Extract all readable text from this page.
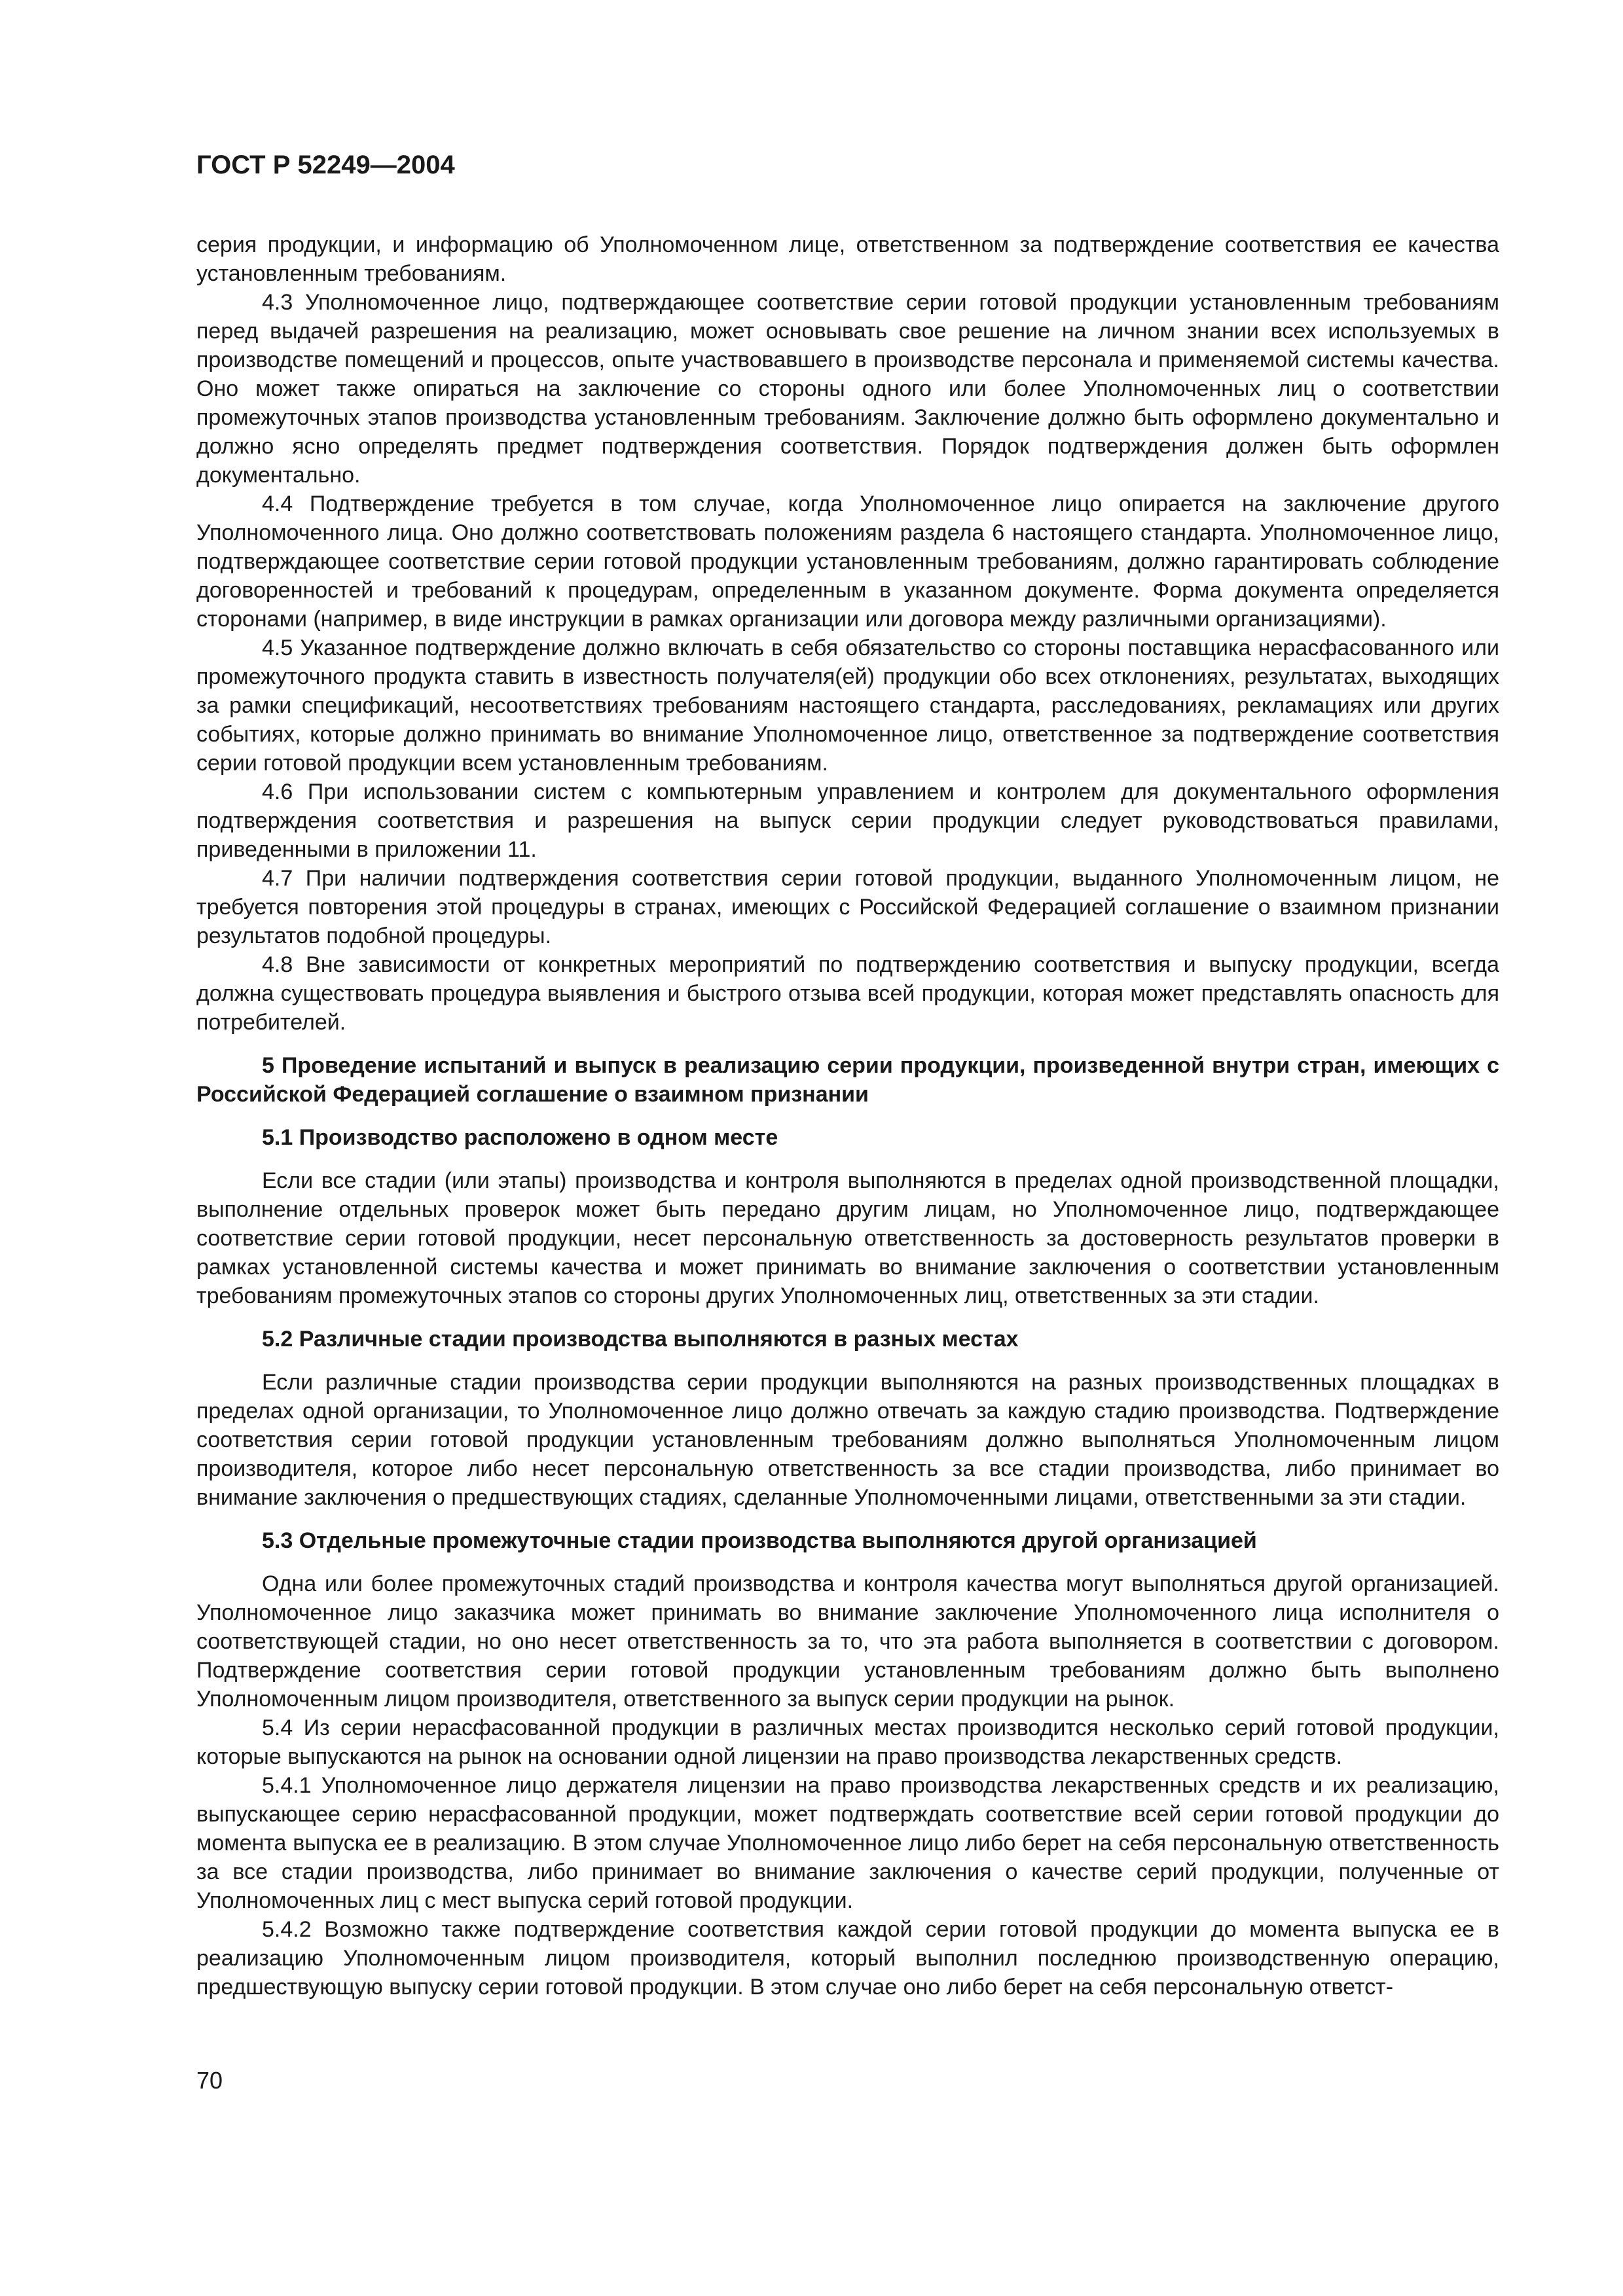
ГОСТ Р 52249—2004

серия продукции, и информацию об Уполномоченном лице, ответственном за подтверждение соответствия ее качества установленным требованиям.

4.3 Уполномоченное лицо, подтверждающее соответствие серии готовой продукции установленным требованиям перед выдачей разрешения на реализацию, может основывать свое решение на личном знании всех используемых в производстве помещений и процессов, опыте участвовавшего в производстве персонала и применяемой системы качества. Оно может также опираться на заключение со стороны одного или более Уполномоченных лиц о соответствии промежуточных этапов производства установленным требованиям. Заключение должно быть оформлено документально и должно ясно определять предмет подтверждения соответствия. Порядок подтверждения должен быть оформлен документально.

4.4 Подтверждение требуется в том случае, когда Уполномоченное лицо опирается на заключение другого Уполномоченного лица. Оно должно соответствовать положениям раздела 6 настоящего стандарта. Уполномоченное лицо, подтверждающее соответствие серии готовой продукции установленным требованиям, должно гарантировать соблюдение договоренностей и требований к процедурам, определенным в указанном документе. Форма документа определяется сторонами (например, в виде инструкции в рамках организации или договора между различными организациями).

4.5 Указанное подтверждение должно включать в себя обязательство со стороны поставщика нерасфасованного или промежуточного продукта ставить в известность получателя(ей) продукции обо всех отклонениях, результатах, выходящих за рамки спецификаций, несоответствиях требованиям настоящего стандарта, расследованиях, рекламациях или других событиях, которые должно принимать во внимание Уполномоченное лицо, ответственное за подтверждение соответствия серии готовой продукции всем установленным требованиям.

4.6 При использовании систем с компьютерным управлением и контролем для документального оформления подтверждения соответствия и разрешения на выпуск серии продукции следует руководствоваться правилами, приведенными в приложении 11.

4.7 При наличии подтверждения соответствия серии готовой продукции, выданного Уполномоченным лицом, не требуется повторения этой процедуры в странах, имеющих с Российской Федерацией соглашение о взаимном признании результатов подобной процедуры.

4.8 Вне зависимости от конкретных мероприятий по подтверждению соответствия и выпуску продукции, всегда должна существовать процедура выявления и быстрого отзыва всей продукции, которая может представлять опасность для потребителей.

5 Проведение испытаний и выпуск в реализацию серии продукции, произведенной внутри стран, имеющих с Российской Федерацией соглашение о взаимном признании

5.1 Производство расположено в одном месте

Если все стадии (или этапы) производства и контроля выполняются в пределах одной производственной площадки, выполнение отдельных проверок может быть передано другим лицам, но Уполномоченное лицо, подтверждающее соответствие серии готовой продукции, несет персональную ответственность за достоверность результатов проверки в рамках установленной системы качества и может принимать во внимание заключения о соответствии установленным требованиям промежуточных этапов со стороны других Уполномоченных лиц, ответственных за эти стадии.

5.2 Различные стадии производства выполняются в разных местах

Если различные стадии производства серии продукции выполняются на разных производственных площадках в пределах одной организации, то Уполномоченное лицо должно отвечать за каждую стадию производства. Подтверждение соответствия серии готовой продукции установленным требованиям должно выполняться Уполномоченным лицом производителя, которое либо несет персональную ответственность за все стадии производства, либо принимает во внимание заключения о предшествующих стадиях, сделанные Уполномоченными лицами, ответственными за эти стадии.

5.3 Отдельные промежуточные стадии производства выполняются другой организацией

Одна или более промежуточных стадий производства и контроля качества могут выполняться другой организацией. Уполномоченное лицо заказчика может принимать во внимание заключение Уполномоченного лица исполнителя о соответствующей стадии, но оно несет ответственность за то, что эта работа выполняется в соответствии с договором. Подтверждение соответствия серии готовой продукции установленным требованиям должно быть выполнено Уполномоченным лицом производителя, ответственного за выпуск серии продукции на рынок.

5.4 Из серии нерасфасованной продукции в различных местах производится несколько серий готовой продукции, которые выпускаются на рынок на основании одной лицензии на право производства лекарственных средств.

5.4.1 Уполномоченное лицо держателя лицензии на право производства лекарственных средств и их реализацию, выпускающее серию нерасфасованной продукции, может подтверждать соответствие всей серии готовой продукции до момента выпуска ее в реализацию. В этом случае Уполномоченное лицо либо берет на себя персональную ответственность за все стадии производства, либо принимает во внимание заключения о качестве серий продукции, полученные от Уполномоченных лиц с мест выпуска серий готовой продукции.

5.4.2 Возможно также подтверждение соответствия каждой серии готовой продукции до момента выпуска ее в реализацию Уполномоченным лицом производителя, который выполнил последнюю производственную операцию, предшествующую выпуску серии готовой продукции. В этом случае оно либо берет на себя персональную ответст-

70
